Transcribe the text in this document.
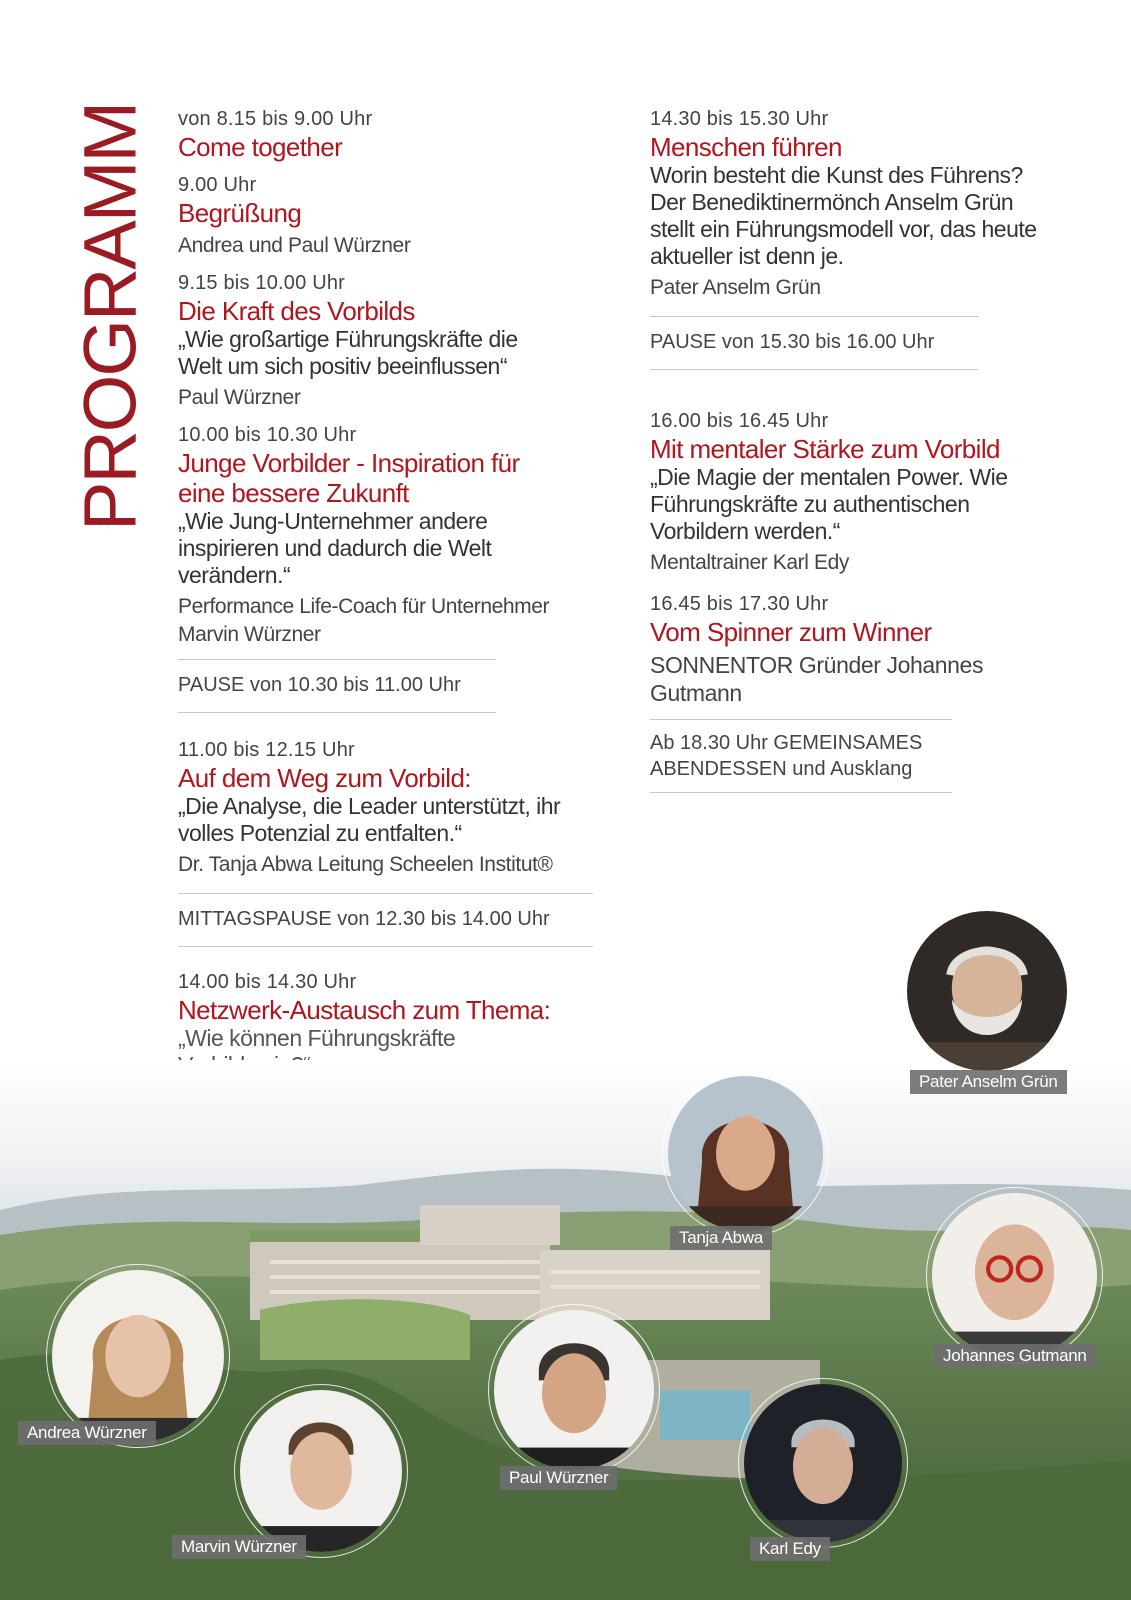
PROGRAMM von 8.15 bis 9.00 Uhr

Come together

9.00 Uhr

Begrüßung

Andrea und Paul Würzner

9.15 bis 10.00 Uhr

Die Kraft des Vorbilds

„Wie großartige Führungskräfte die Welt um sich positiv beeinflussen“

Paul Würzner

10.00 bis 10.30 Uhr

Junge Vorbilder - Inspiration für eine bessere Zukunft

„Wie Jung-Unternehmer andere inspirieren und dadurch die Welt verändern.“

Performance Life-Coach für Unternehmer Marvin Würzner

PAUSE von 10.30 bis 11.00 Uhr

11.00 bis 12.15 Uhr

Auf dem Weg zum Vorbild:

„Die Analyse, die Leader unterstützt, ihr volles Potenzial zu entfalten.“

Dr. Tanja Abwa Leitung Scheelen Institut®

MITTAGSPAUSE von 12.30 bis 14.00 Uhr

14.00 bis 14.30 Uhr

Netzwerk-Austausch zum Thema:

„Wie können Führungskräfte

14.30 bis 15.30 Uhr

Menschen führen

Worin besteht die Kunst des Führens? Der Benediktinermönch Anselm Grün stellt ein Führungsmodell vor, das heute aktueller ist denn je.

Pater Anselm Grün

PAUSE von 15.30 bis 16.00 Uhr

16.00 bis 16.45 Uhr

Mit mentaler Stärke zum Vorbild

„Die Magie der mentalen Power. Wie Führungskräfte zu authentischen Vorbildern werden.“

Mentaltrainer Karl Edy

16.45 bis 17.30 Uhr

Vom Spinner zum Winner

SONNENTOR Gründer Johannes Gutmann

Ab 18.30 Uhr GEMEINSAMES ABENDESSEN und Ausklang

Pater Anselm Grün
Tanja Abwa
Johannes Gutmann
Andrea Würzner
Marvin Würzner
Paul Würzner
Karl Edy
